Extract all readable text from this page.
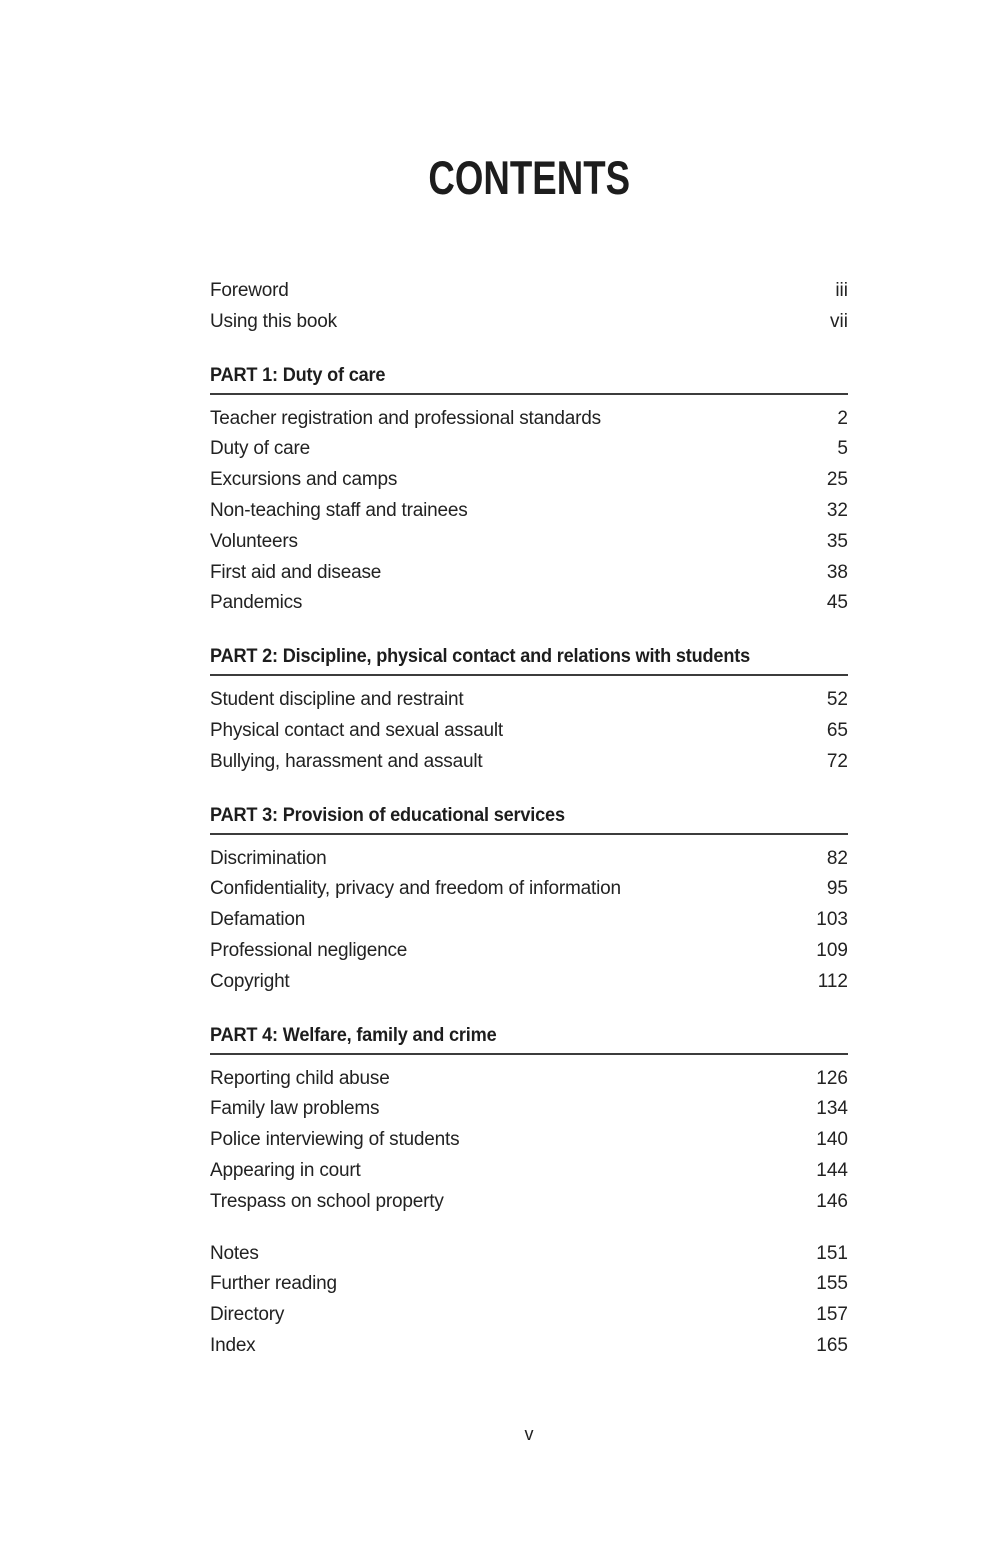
CONTENTS
Foreword	iii
Using this book	vii
PART 1: Duty of care
Teacher registration and professional standards	2
Duty of care	5
Excursions and camps	25
Non-teaching staff and trainees	32
Volunteers	35
First aid and disease	38
Pandemics	45
PART 2: Discipline, physical contact and relations with students
Student discipline and restraint	52
Physical contact and sexual assault	65
Bullying, harassment and assault	72
PART 3: Provision of educational services
Discrimination	82
Confidentiality, privacy and freedom of information	95
Defamation	103
Professional negligence	109
Copyright	112
PART 4: Welfare, family and crime
Reporting child abuse	126
Family law problems	134
Police interviewing of students	140
Appearing in court	144
Trespass on school property	146
Notes	151
Further reading	155
Directory	157
Index	165
v
